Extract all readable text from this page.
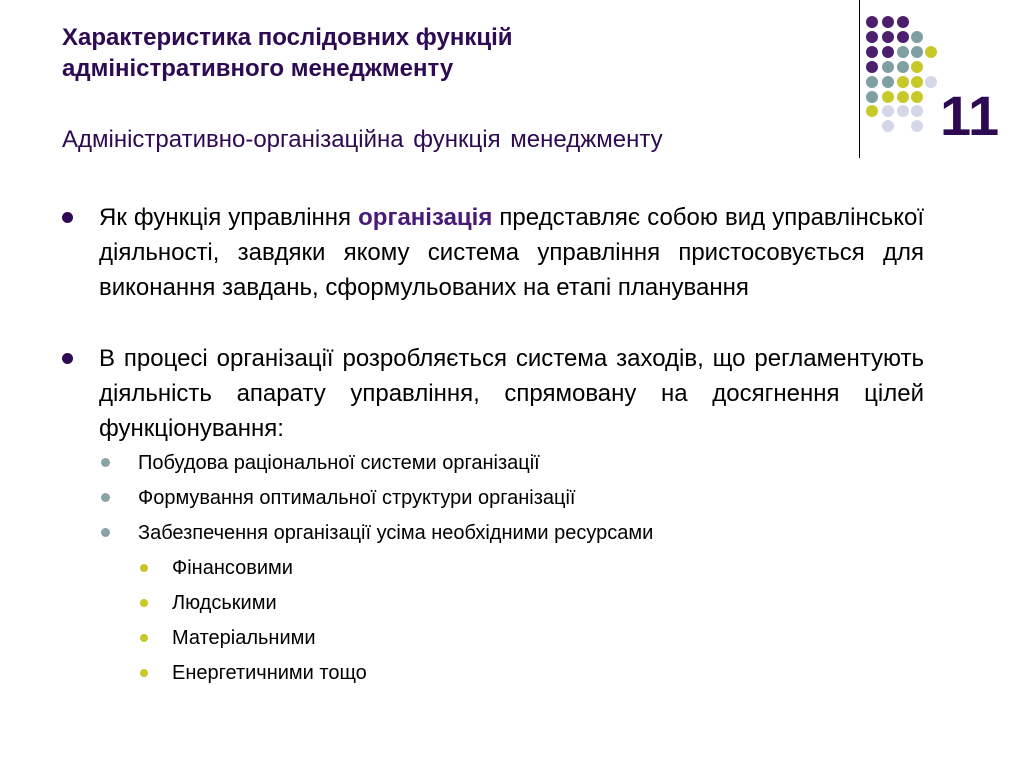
Характеристика послідовних функцій
адміністративного менеджменту
Адміністративно-організаційна функція менеджменту	11
Як функція управління організація представляє собою вид управлінської діяльності, завдяки якому система управління пристосовується для виконання завдань, сформульованих на етапі планування
В процесі організації розробляється система заходів, що регламентують діяльність апарату управління, спрямовану на досягнення цілей функціонування:
Побудова раціональної системи організації
Формування оптимальної структури організації
Забезпечення організації усіма необхідними ресурсами
Фінансовими
Людськими
Матеріальними
Енергетичними тощо
